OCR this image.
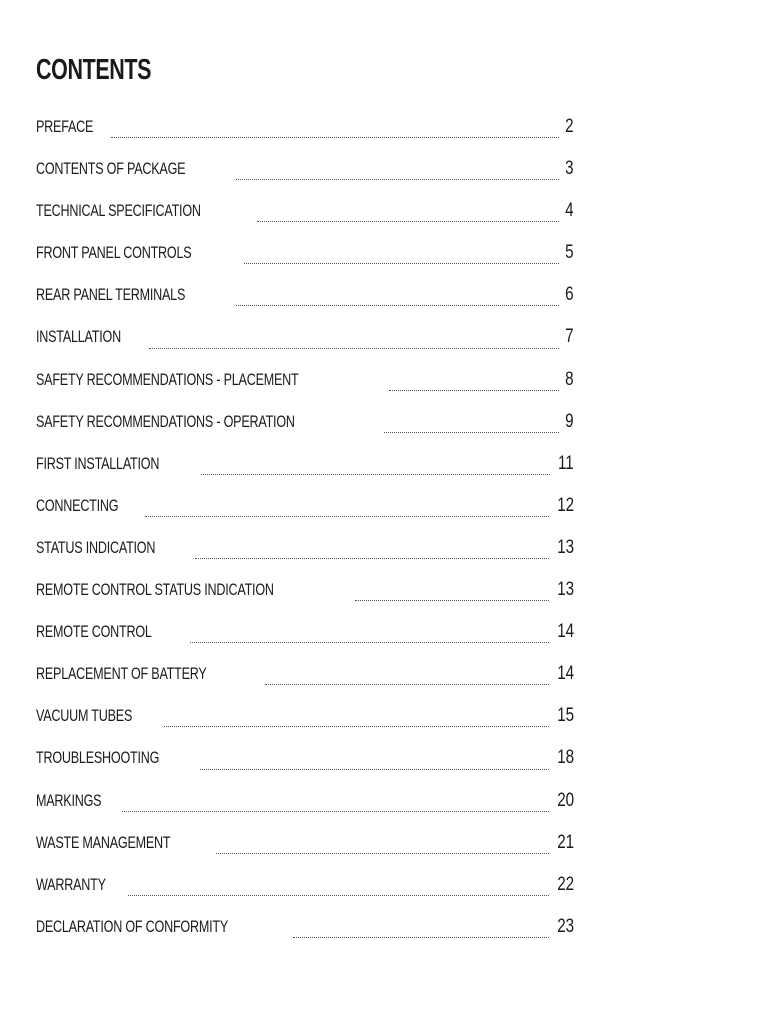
CONTENTS
PREFACE	2
CONTENTS OF PACKAGE	3
TECHNICAL SPECIFICATION	4
FRONT PANEL CONTROLS	5
REAR PANEL TERMINALS	6
INSTALLATION	7
SAFETY RECOMMENDATIONS - PLACEMENT	8
SAFETY RECOMMENDATIONS - OPERATION	9
FIRST INSTALLATION	11
CONNECTING	12
STATUS INDICATION	13
REMOTE CONTROL STATUS INDICATION	13
REMOTE CONTROL	14
REPLACEMENT OF BATTERY	14
VACUUM TUBES	15
TROUBLESHOOTING	18
MARKINGS	20
WASTE MANAGEMENT	21
WARRANTY	22
DECLARATION OF CONFORMITY	23
